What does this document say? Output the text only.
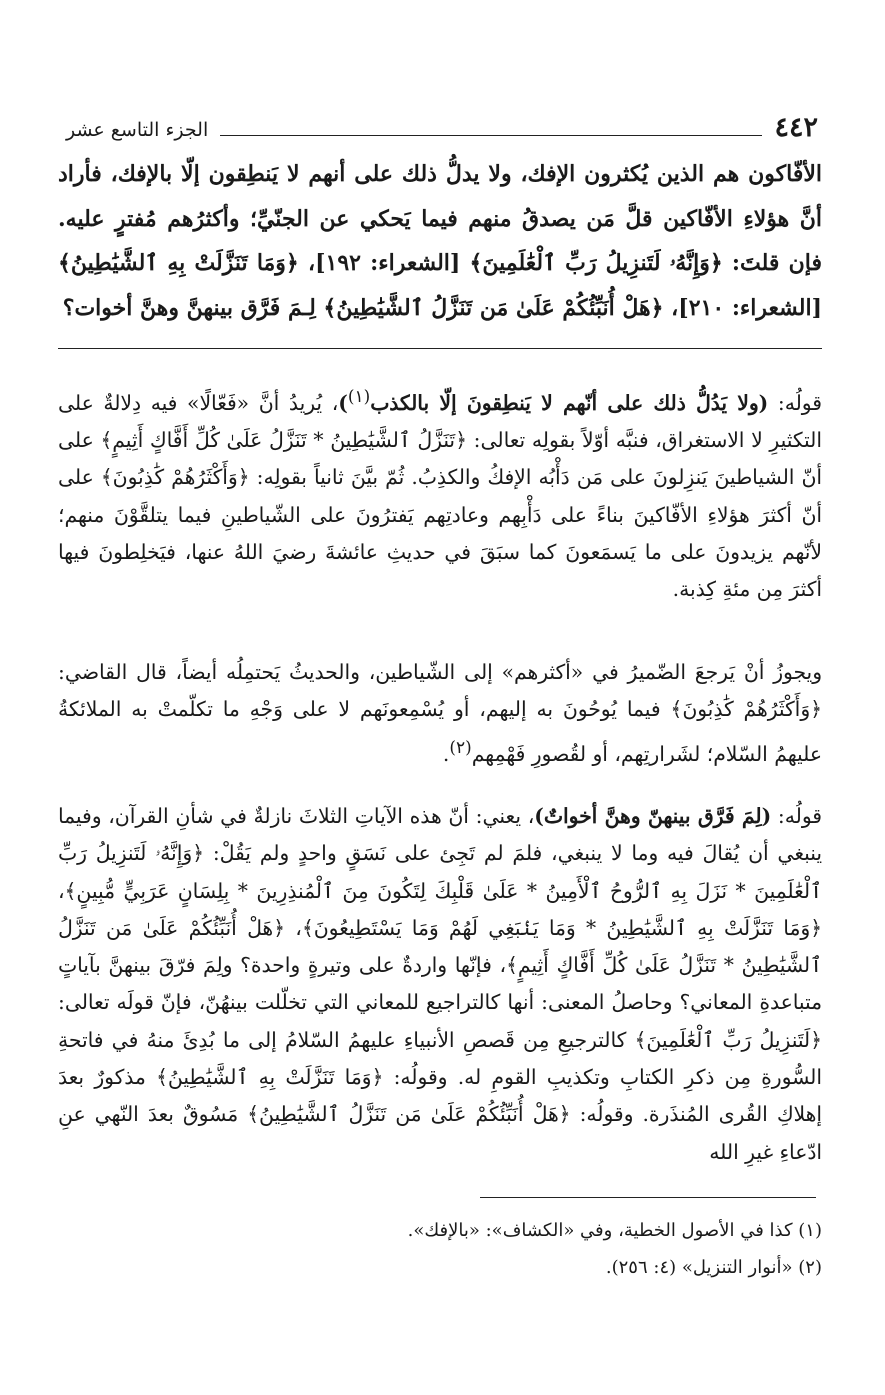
٤٤٢
الجزء التاسع عشر
الأفّاكون هم الذين يُكثرون الإفك، ولا يدلُّ ذلك على أنهم لا يَنطِقون إلّا بالإفك، فأراد أنَّ هؤلاءِ الأفّاكين قلَّ مَن يصدقُ منهم فيما يَحكي عن الجنّيِّ؛ وأكثرُهم مُفترٍ عليه. فإن قلتَ: ﴿وَإِنَّهُۥ لَتَنزِيلُ رَبِّ ٱلْعَٰلَمِينَ﴾ [الشعراء: ١٩٢]، ﴿وَمَا تَنَزَّلَتْ بِهِ ٱلشَّيَٰطِينُ﴾ [الشعراء: ٢١٠]، ﴿هَلْ أُنَبِّئُكُمْ عَلَىٰ مَن تَنَزَّلُ ٱلشَّيَٰطِينُ﴾ لِـمَ فَرَّق بينهنَّ وهنَّ أخوات؟
قولُه: (ولا يَدُلُّ ذلك على أنّهم لا يَنطِقونَ إلّا بالكذب$^{(١)}$)، يُريدُ أنَّ «فَعّالًا» فيه دِلالةٌ على التكثيرِ لا الاستغراق، فنبَّه أوّلاً بقولِه تعالى: ﴿تَنَزَّلُ ٱلشَّيَٰطِينُ * تَنَزَّلُ عَلَىٰ كُلِّ أَفَّاكٍ أَثِيمٍ﴾ على أنّ الشياطينَ يَنزِلونَ على مَن دَأْبُه الإفكُ والكذِبُ. ثُمّ بيَّنَ ثانياً بقولِه: ﴿وَأَكْثَرُهُمْ كَٰذِبُونَ﴾ على أنّ أكثرَ هؤلاءِ الأفّاكينَ بناءً على دَأْبِهم وعادتِهم يَفترُونَ على الشّياطينِ فيما يتلقَّوْنَ منهم؛ لأنّهم يزيدونَ على ما يَسمَعونَ كما سبَقَ في حديثِ عائشةَ رضيَ اللهُ عنها، فيَخلِطونَ فيها أكثرَ مِن مئةِ كِذبة.
ويجوزُ أنْ يَرجعَ الضّميرُ في «أكثرهم» إلى الشّياطين، والحديثُ يَحتمِلُه أيضاً، قال القاضي: ﴿وَأَكْثَرُهُمْ كَٰذِبُونَ﴾ فيما يُوحُونَ به إليهم، أو يُسْمِعونَهم لا على وَجْهِ ما تكلّمتْ به الملائكةُ عليهمُ السّلام؛ لشَرارتِهم، أو لقُصورِ فَهْمِهم$^{(٢)}$.
قولُه: (لِمَ فَرَّق بينهنّ وهنَّ أخواتٌ)، يعني: أنّ هذه الآياتِ الثلاثَ نازلةٌ في شأنِ القرآن، وفيما ينبغي أن يُقالَ فيه وما لا ينبغي، فلمَ لم تَجِئ على نَسَقٍ واحدٍ ولم يَقُلْ: ﴿وَإِنَّهُۥ لَتَنزِيلُ رَبِّ ٱلْعَٰلَمِينَ * نَزَلَ بِهِ ٱلرُّوحُ ٱلْأَمِينُ * عَلَىٰ قَلْبِكَ لِتَكُونَ مِنَ ٱلْمُنذِرِينَ * بِلِسَانٍ عَرَبِيٍّ مُّبِينٍ﴾، ﴿وَمَا تَنَزَّلَتْ بِهِ ٱلشَّيَٰطِينُ * وَمَا يَنۢبَغِي لَهُمْ وَمَا يَسْتَطِيعُونَ﴾، ﴿هَلْ أُنَبِّئُكُمْ عَلَىٰ مَن تَنَزَّلُ ٱلشَّيَٰطِينُ * تَنَزَّلُ عَلَىٰ كُلِّ أَفَّاكٍ أَثِيمٍ﴾، فإنّها واردةٌ على وتيرةٍ واحدة؟ ولِمَ فرّقَ بينهنَّ بآياتٍ متباعدةِ المعاني؟ وحاصلُ المعنى: أنها كالتراجيع للمعاني التي تخلّلت بينهُنّ، فإنّ قولَه تعالى: ﴿لَتَنزِيلُ رَبِّ ٱلْعَٰلَمِينَ﴾ كالترجيعِ مِن قَصصِ الأنبياءِ عليهمُ السّلامُ إلى ما بُدِئَ منهُ في فاتحةِ السُّورةِ مِن ذكرِ الكتابِ وتكذيبِ القومِ له. وقولُه: ﴿وَمَا تَنَزَّلَتْ بِهِ ٱلشَّيَٰطِينُ﴾ مذكورٌ بعدَ إهلاكِ القُرى المُنذَرة. وقولُه: ﴿هَلْ أُنَبِّئُكُمْ عَلَىٰ مَن تَنَزَّلُ ٱلشَّيَٰطِينُ﴾ مَسُوقٌ بعدَ النّهي عنِ ادّعاءِ غيرِ الله
(١) كذا في الأصول الخطية، وفي «الكشاف»: «بالإفك».
(٢) «أنوار التنزيل» (٤: ٢٥٦).
